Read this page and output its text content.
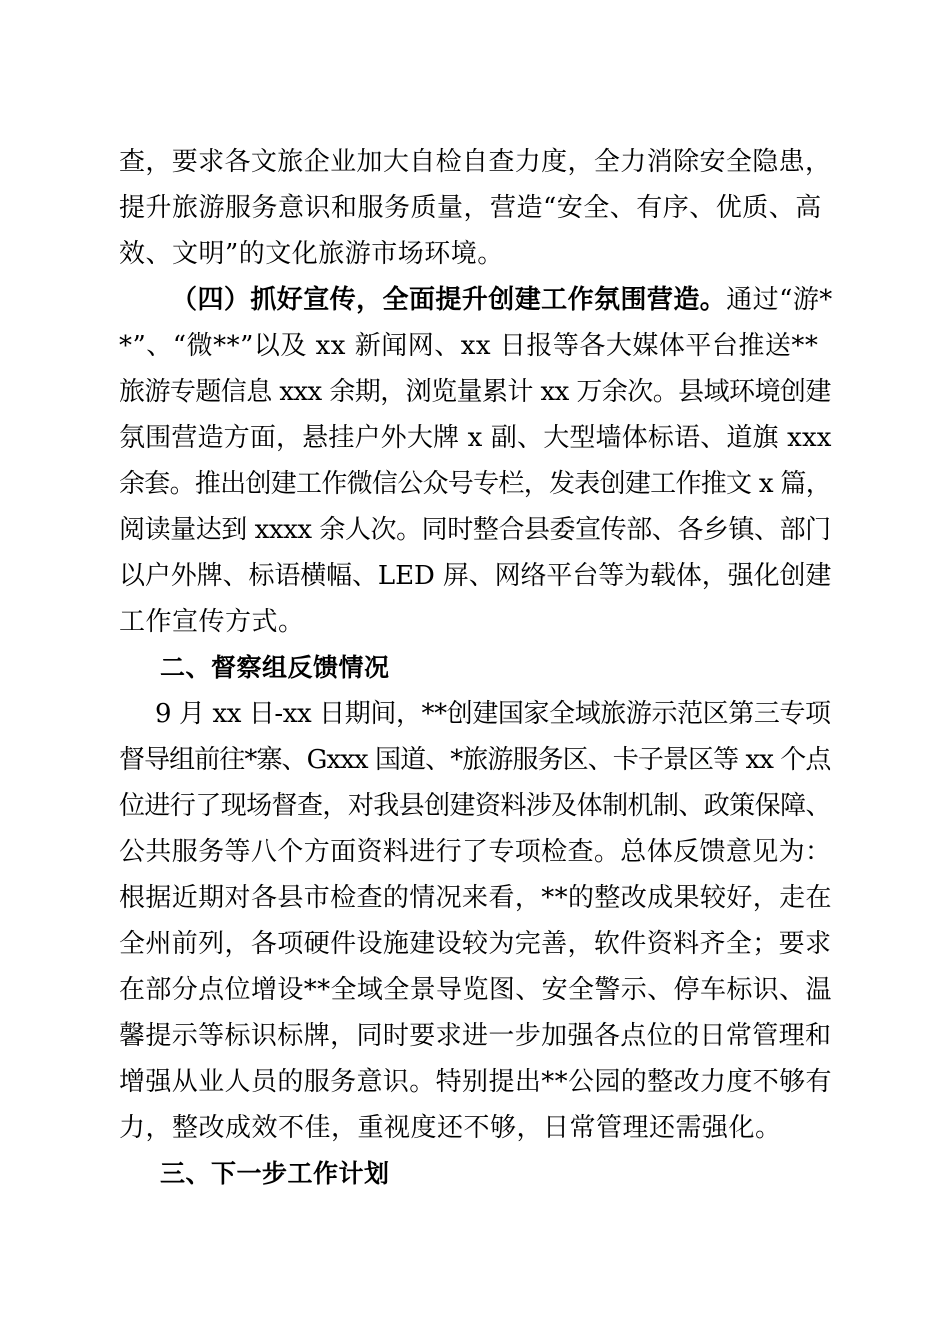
查，要求各文旅企业加大自检自查力度，全力消除安全隐患，
提升旅游服务意识和服务质量，营造“安全、有序、优质、高
效、文明”的文化旅游市场环境。
（四）抓好宣传，全面提升创建工作氛围营造。通过“游*
*”、“微**”以及 xx 新闻网、xx 日报等各大媒体平台推送**
旅游专题信息 xxx 余期，浏览量累计 xx 万余次。县域环境创建
氛围营造方面，悬挂户外大牌 x 副、大型墙体标语、道旗 xxx
余套。推出创建工作微信公众号专栏，发表创建工作推文 x 篇，
阅读量达到 xxxx 余人次。同时整合县委宣传部、各乡镇、部门
以户外牌、标语横幅、LED 屏、网络平台等为载体，强化创建
工作宣传方式。
二、督察组反馈情况
9 月 xx 日-xx 日期间，**创建国家全域旅游示范区第三专项
督导组前往*寨、Gxxx 国道、*旅游服务区、卡子景区等 xx 个点
位进行了现场督查，对我县创建资料涉及体制机制、政策保障、
公共服务等八个方面资料进行了专项检查。总体反馈意见为：
根据近期对各县市检查的情况来看，**的整改成果较好，走在
全州前列，各项硬件设施建设较为完善，软件资料齐全；要求
在部分点位增设**全域全景导览图、安全警示、停车标识、温
馨提示等标识标牌，同时要求进一步加强各点位的日常管理和
增强从业人员的服务意识。特别提出**公园的整改力度不够有
力，整改成效不佳，重视度还不够，日常管理还需强化。
三、下一步工作计划
